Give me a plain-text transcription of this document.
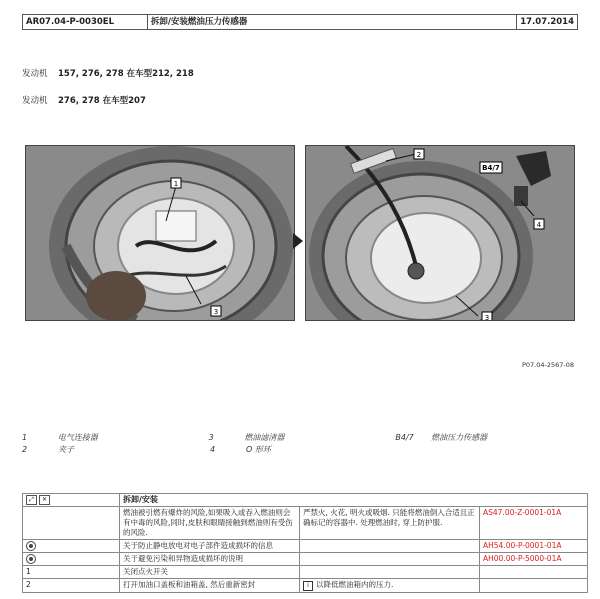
AR07.04-P-0030EL	拆卸/安装燃油压力传感器	17.07.2014
发动机 157, 276, 278 在车型212, 218
发动机 276, 278 在车型207
1
3
2
B4/7
4
3
P07.04-2567-08
1	电气连接器	3	燃油滤清器	B4/7	燃油压力传感器
2	夹子	4	O 形环
⤢ ✕	拆卸/安装		
	燃油被引燃有爆炸的风险,如果吸入或吞入燃油则会有中毒的风险,同时,皮肤和眼睛接触到燃油则有受伤的风险.	严禁火, 火花, 明火或吸烟. 只能将燃油倒入合适且正确标记的容器中. 处理燃油时, 穿上防护服.	AS47.00-Z-0001-01A
	关于防止静电放电对电子部件造成损坏的信息		AH54.00-P-0001-01A
	关于避免污染和异物造成损坏的说明		AH00.00-P-5000-01A
1	关闭点火开关		
2	打开加油口盖板和油箱盖, 然后重新密封	i 以降低燃油箱内的压力.	
